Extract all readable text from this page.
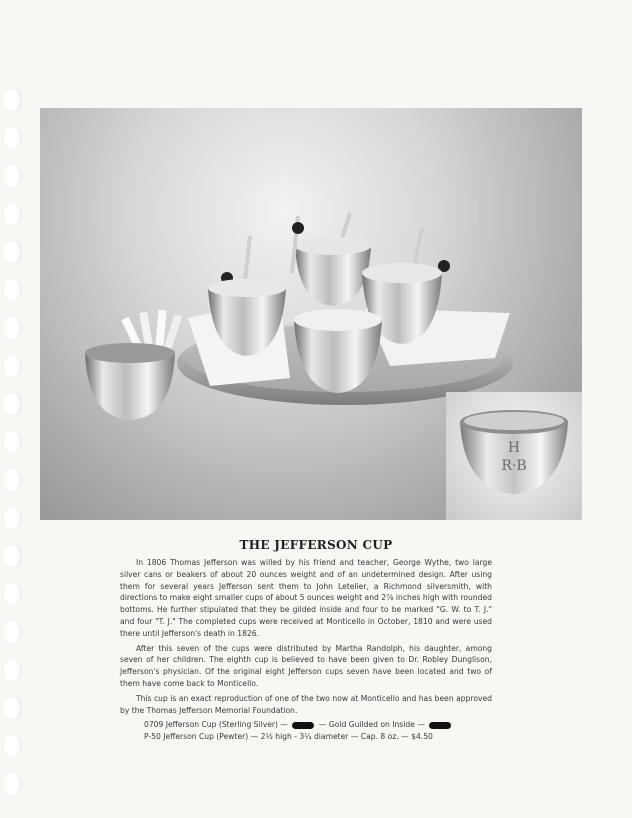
H
R·B
THE JEFFERSON CUP

In 1806 Thomas Jefferson was willed by his friend and teacher, George Wythe, two large silver cans or beakers of about 20 ounces weight and of an undetermined design. After using them for several years Jefferson sent them to John Letelier, a Richmond silversmith, with directions to make eight smaller cups of about 5 ounces weight and 2⅞ inches high with rounded bottoms. He further stipulated that they be gilded inside and four to be marked "G. W. to T. J." and four "T. J." The completed cups were received at Monticello in October, 1810 and were used there until Jefferson's death in 1826.

After this seven of the cups were distributed by Martha Randolph, his daughter, among seven of her children. The eighth cup is believed to have been given to Dr. Robley Dunglison, Jefferson's physician. Of the original eight Jefferson cups seven have been located and two of them have come back to Monticello.

This cup is an exact reproduction of one of the two now at Monticello and has been approved by the Thomas Jefferson Memorial Foundation.

0709 Jefferson Cup (Sterling Silver) —	— Gold Guilded on Inside —
P-50 Jefferson Cup (Pewter) — 2½ high - 3¼ diameter — Cap. 8 oz. — $4.50
